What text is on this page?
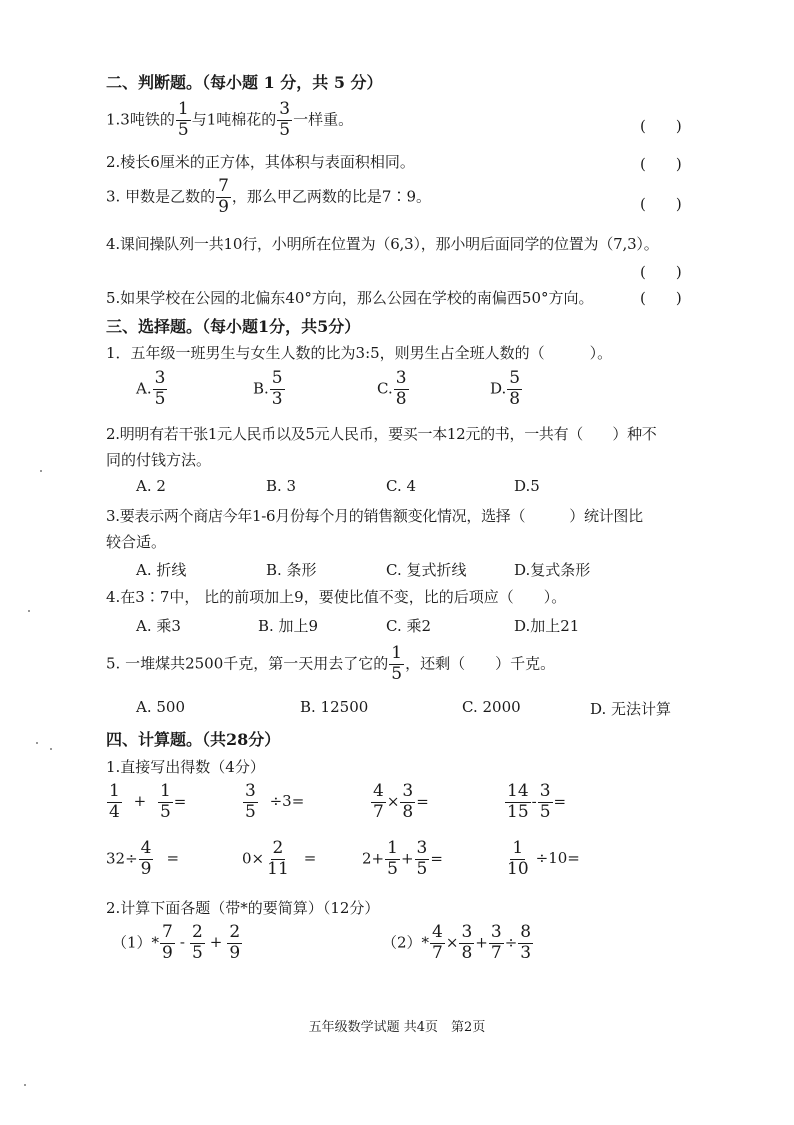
二、判断题。（每小题 1 分，共 5 分）
1.3吨铁的 $\frac{1}{5}$ 与1吨棉花的 $\frac{3}{5}$ 一样重。	(　　)
2.棱长6厘米的正方体，其体积与表面积相同。	(　　)
3. 甲数是乙数的 $\frac{7}{9}$ ，那么甲乙两数的比是7∶9。	(　　)
4.课间操队列一共10行，小明所在位置为（6,3），那小明后面同学的位置为（7,3）。
(　　)
5.如果学校在公园的北偏东40°方向，那么公园在学校的南偏西50°方向。	(　　)
三、选择题。（每小题1分，共5分）
1．五年级一班男生与女生人数的比为3:5，则男生占全班人数的（　　　）。
A. $\frac{3}{5}$	B. $\frac{5}{3}$	C. $\frac{3}{8}$	D. $\frac{5}{8}$
2.明明有若干张1元人民币以及5元人民币，要买一本12元的书，一共有（　　）种不
同的付钱方法。
A. 2	B. 3	C. 4	D.5
3.要表示两个商店今年1-6月份每个月的销售额变化情况，选择（　　　）统计图比
较合适。
A. 折线	B. 条形	C. 复式折线	D.复式条形
4.在3∶7中， 比的前项加上9，要使比值不变，比的后项应（　　）。
A. 乘3	B. 加上9	C. 乘2	D.加上21
5. 一堆煤共2500千克，第一天用去了它的 $\frac{1}{5}$ ，还剩（　　）千克。
A. 500	B. 12500	C. 2000	D. 无法计算
四、计算题。（共28分）
1.直接写出得数（4分）
$\frac{1}{4} + \frac{1}{5}$ =	$\frac{3}{5} \div 3=$	$\frac{4}{7} \times \frac{3}{8}$ =	$\frac{14}{15} - \frac{3}{5}$ =
$32\div \frac{4}{9}$ =	$0\times \frac{2}{11}$ =	$2+ \frac{1}{5} + \frac{3}{5}$ =	$\frac{1}{10} \div 10=$
2.计算下面各题（带*的要简算）（12分）
$(1)* \frac{7}{9} - \frac{2}{5} + \frac{2}{9}$	$(2)* \frac{4}{7} \times \frac{3}{8} + \frac{3}{7} \div \frac{8}{3}$
五年级数学试题 共4页　第2页
